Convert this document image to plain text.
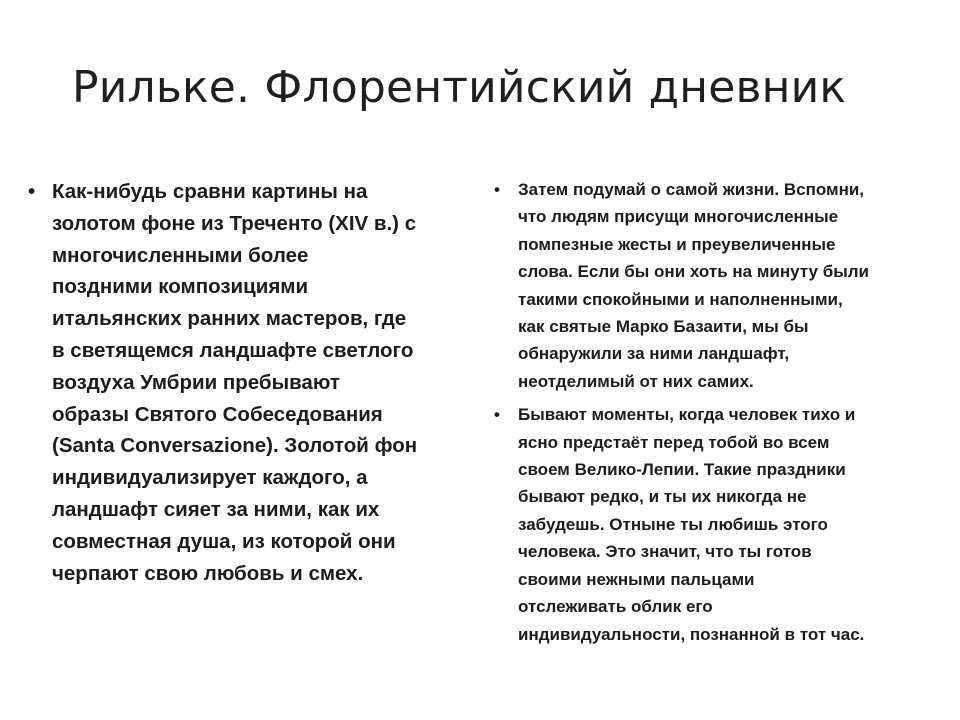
Рильке. Флорентийский дневник
• Как-нибудь сравни картины на
золотом фоне из Треченто (XIV в.) с
многочисленными более
поздними композициями
итальянских ранних мастеров, где
в светящемся ландшафте светлого
воздуха Умбрии пребывают
образы Святого Собеседования
(Santa Conversazione). Золотой фон
индивидуализирует каждого, а
ландшафт сияет за ними, как их
совместная душа, из которой они
черпают свою любовь и смех.
• Затем подумай о самой жизни. Вспомни,
что людям присущи многочисленные
помпезные жесты и преувеличенные
слова. Если бы они хоть на минуту были
такими спокойными и наполненными,
как святые Марко Базаити, мы бы
обнаружили за ними ландшафт,
неотделимый от них самих.
• Бывают моменты, когда человек тихо и
ясно предстаёт перед тобой во всем
своем Велико-Лепии. Такие праздники
бывают редко, и ты их никогда не
забудешь. Отныне ты любишь этого
человека. Это значит, что ты готов
своими нежными пальцами
отслеживать облик его
индивидуальности, познанной в тот час.
